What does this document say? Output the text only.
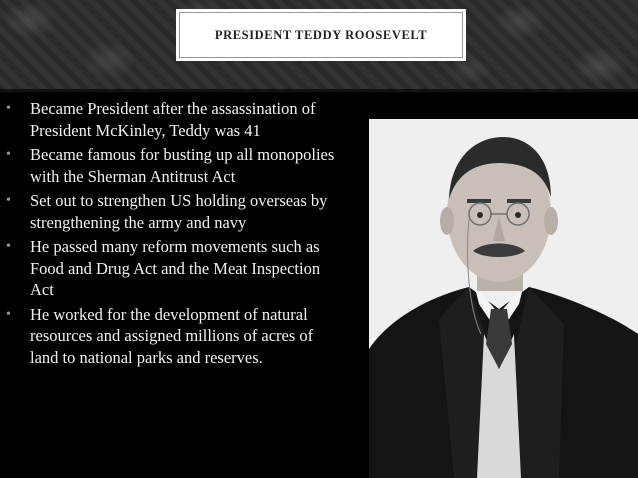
PRESIDENT TEDDY ROOSEVELT
• Became President after the assassination of President McKinley, Teddy was 41
• Became famous for busting up all monopolies with the Sherman Antitrust Act
• Set out to strengthen US holding overseas by strengthening the army and navy
• He passed many reform movements such as Food and Drug Act and the Meat Inspection Act
• He worked for the development of natural resources and assigned millions of acres of land to national parks and reserves.
